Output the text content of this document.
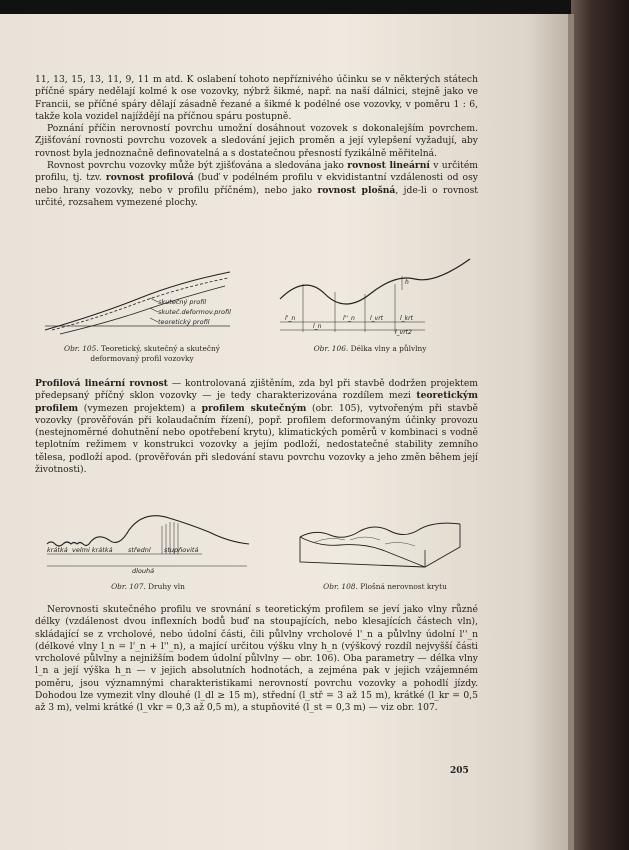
11, 13, 15, 13, 11, 9, 11 m atd. K oslabení tohoto nepříznivého účinku se v některých státech příčné spáry nedělají kolmé k ose vozovky, nýbrž šikmé, např. na naší dálnici, stejně jako ve Francii, se příčné spáry dělají zásadně řezané a šikmé k podélné ose vozovky, v poměru 1 : 6, takže kola vozidel najíždějí na příčnou spáru postupně.

Poznání příčin nerovností povrchu umožní dosáhnout vozovek s dokonalejším povrchem. Zjišťování rovnosti povrchu vozovek a sledování jejich proměn a její vylepšení vyžadují, aby rovnost byla jednoznačně definovatelná a s dostatečnou přesností fyzikálně měřitelná.

Rovnost povrchu vozovky může být zjišťována a sledována jako rovnost lineární v určitém profilu, tj. tzv. rovnost profilová (buď v podélném profilu v ekvidistantní vzdálenosti od osy nebo hrany vozovky, nebo v profilu příčném), nebo jako rovnost plošná, jde-li o rovnost určité, rozsahem vymezené plochy.

skutečný profil
skuteč.deformov.profil
teoretický profil
Obr. 105. Teoretický, skutečný a skutečný deformovaný profil vozovky
l'_n
l_n
l''_n	l_vrt	l_krt
l_vrt2
h
Obr. 106. Délka vlny a půlvlny

Profilová lineární rovnost — kontrolovaná zjištěním, zda byl při stavbě dodržen projektem předepsaný příčný sklon vozovky — je tedy charakterizována rozdílem mezi teoretickým profilem (vymezen projektem) a profilem skutečným (obr. 105), vytvořeným při stavbě vozovky (prověřován při kolaudačním řízení), popř. profilem deformovaným účinky provozu (nestejnoměrné dohutnění nebo opotřebení krytu), klimatických poměrů v kombinaci s vodně teplotním režimem v konstrukci vozovky a jejím podloží, nedostatečné stability zemního tělesa, podloží apod. (prověřován při sledování stavu povrchu vozovky a jeho změn během její životnosti).

krátká velmi krátká střední stupňovitá
dlouhá
Obr. 107. Druhy vln	Obr. 108. Plošná nerovnost krytu

Nerovnosti skutečného profilu ve srovnání s teoretickým profilem se jeví jako vlny různé délky (vzdálenost dvou inflexních bodů buď na stoupajících, nebo klesajících částech vln), skládající se z vrcholové, nebo údolní části, čili půlvlny vrcholové l'_n a půlvlny údolní l''_n (délkové vlny l_n = l'_n + l''_n), a mající určitou výšku vlny h_n (výškový rozdíl nejvyšší části vrcholové půlvlny a nejnižším bodem údolní půlvlny — obr. 106). Oba parametry — délka vlny l_n a její výška h_n — v jejich absolutních hodnotách, a zejména pak v jejich vzájemném poměru, jsou významnými charakteristikami nerovností povrchu vozovky a pohodlí jízdy. Dohodou lze vymezit vlny dlouhé (l_dl ≥ 15 m), střední (l_stř = 3 až 15 m), krátké (l_kr = 0,5 až 3 m), velmi krátké (l_vkr = 0,3 až 0,5 m), a stupňovité (l_st = 0,3 m) — viz obr. 107.

205
